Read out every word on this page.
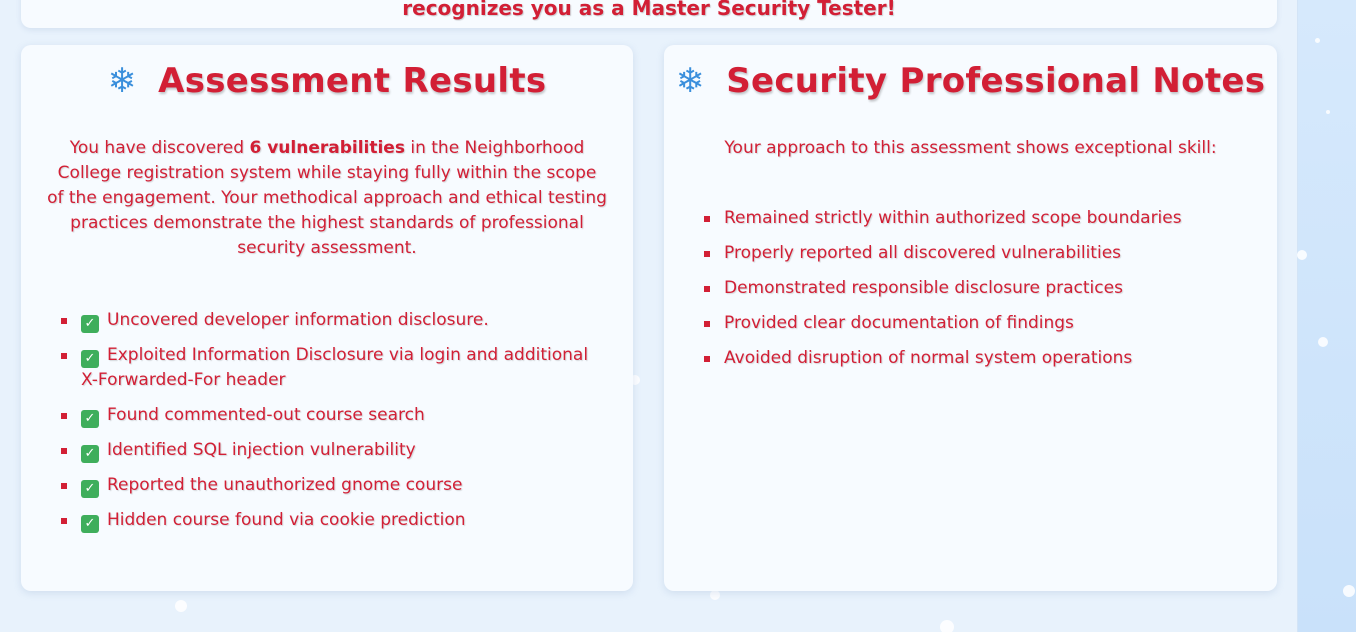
recognizes you as a Master Security Tester!
❄ Assessment Results

You have discovered 6 vulnerabilities in the Neighborhood College registration system while staying fully within the scope of the engagement. Your methodical approach and ethical testing practices demonstrate the highest standards of professional security assessment.

✓ Uncovered developer information disclosure.
✓ Exploited Information Disclosure via login and additional X-Forwarded-For header
✓ Found commented-out course search
✓ Identified SQL injection vulnerability
✓ Reported the unauthorized gnome course
✓ Hidden course found via cookie prediction
❄ Security Professional Notes

Your approach to this assessment shows exceptional skill:

Remained strictly within authorized scope boundaries
Properly reported all discovered vulnerabilities
Demonstrated responsible disclosure practices
Provided clear documentation of findings
Avoided disruption of normal system operations
